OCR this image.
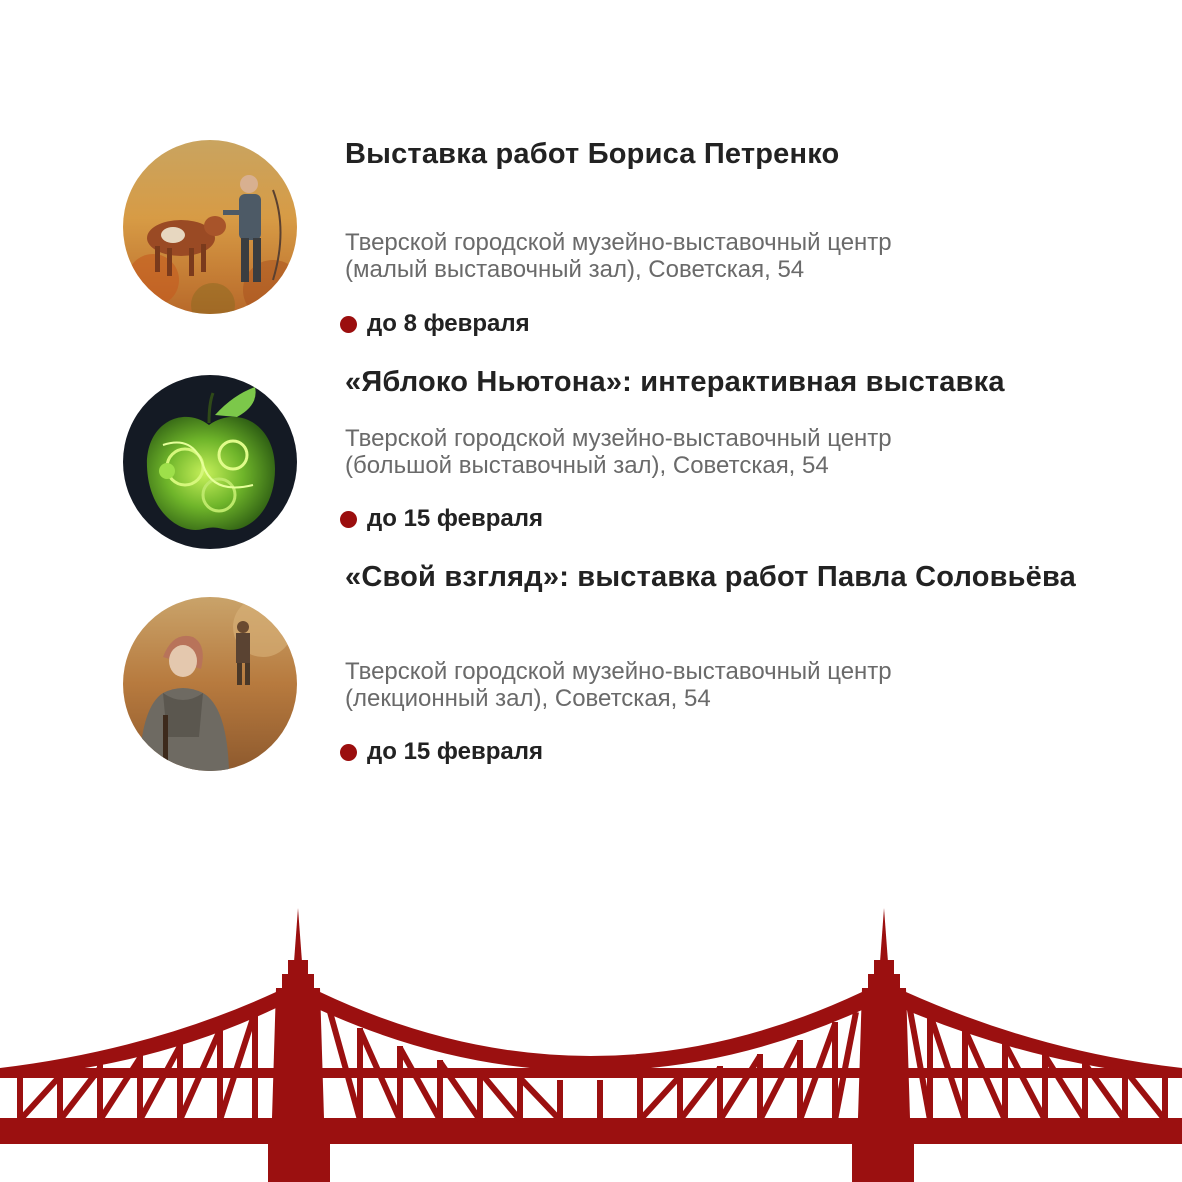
Выставка работ Бориса Петренко

Тверской городской музейно-выставочный центр

(малый выставочный зал), Советская, 54

до 8 февраля
«Яблоко Ньютона»: интерактивная выставка

Тверской городской музейно-выставочный центр

(большой выставочный зал), Советская, 54

до 15 февраля
«Свой взгляд»: выставка работ Павла Соловьёва

Тверской городской музейно-выставочный центр

(лекционный зал), Советская, 54

до 15 февраля
